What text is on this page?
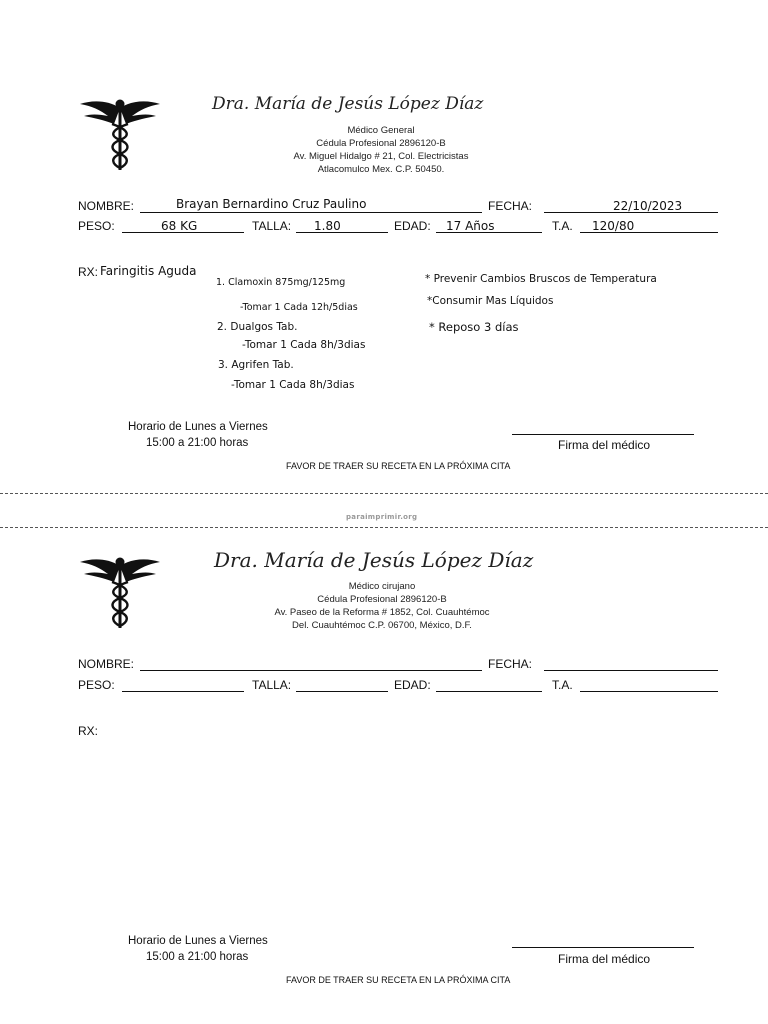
Dra. María de Jesús López Díaz
Médico General
Cédula Profesional 2896120-B
Av. Miguel Hidalgo # 21, Col. Electricistas
Atlacomulco Mex. C.P. 50450.
NOMBRE:	Brayan Bernardino Cruz Paulino	FECHA:	22/10/2023
PESO:	68 KG	TALLA: 1.80	EDAD: 17 Años	T.A. 120/80
RX: Faringitis Aguda
1. Clamoxin 875mg/125mg
-Tomar 1 Cada 12h/5dias
2. Dualgos Tab.
-Tomar 1 Cada 8h/3dias
3. Agrifen Tab.
-Tomar 1 Cada 8h/3dias
* Prevenir Cambios Bruscos de Temperatura
*Consumir Mas Líquidos
* Reposo 3 días
Horario de Lunes a Viernes
15:00 a 21:00 horas	Firma del médico
FAVOR DE TRAER SU RECETA EN LA PRÓXIMA CITA
paraimprimir.org
Dra. María de Jesús López Díaz
Médico cirujano
Cédula Profesional 2896120-B
Av. Paseo de la Reforma # 1852, Col. Cuauhtémoc
Del. Cuauhtémoc C.P. 06700, México, D.F.
NOMBRE:	FECHA:
PESO:	TALLA:	EDAD:	T.A.
RX:
Horario de Lunes a Viernes
15:00 a 21:00 horas	Firma del médico
FAVOR DE TRAER SU RECETA EN LA PRÓXIMA CITA
